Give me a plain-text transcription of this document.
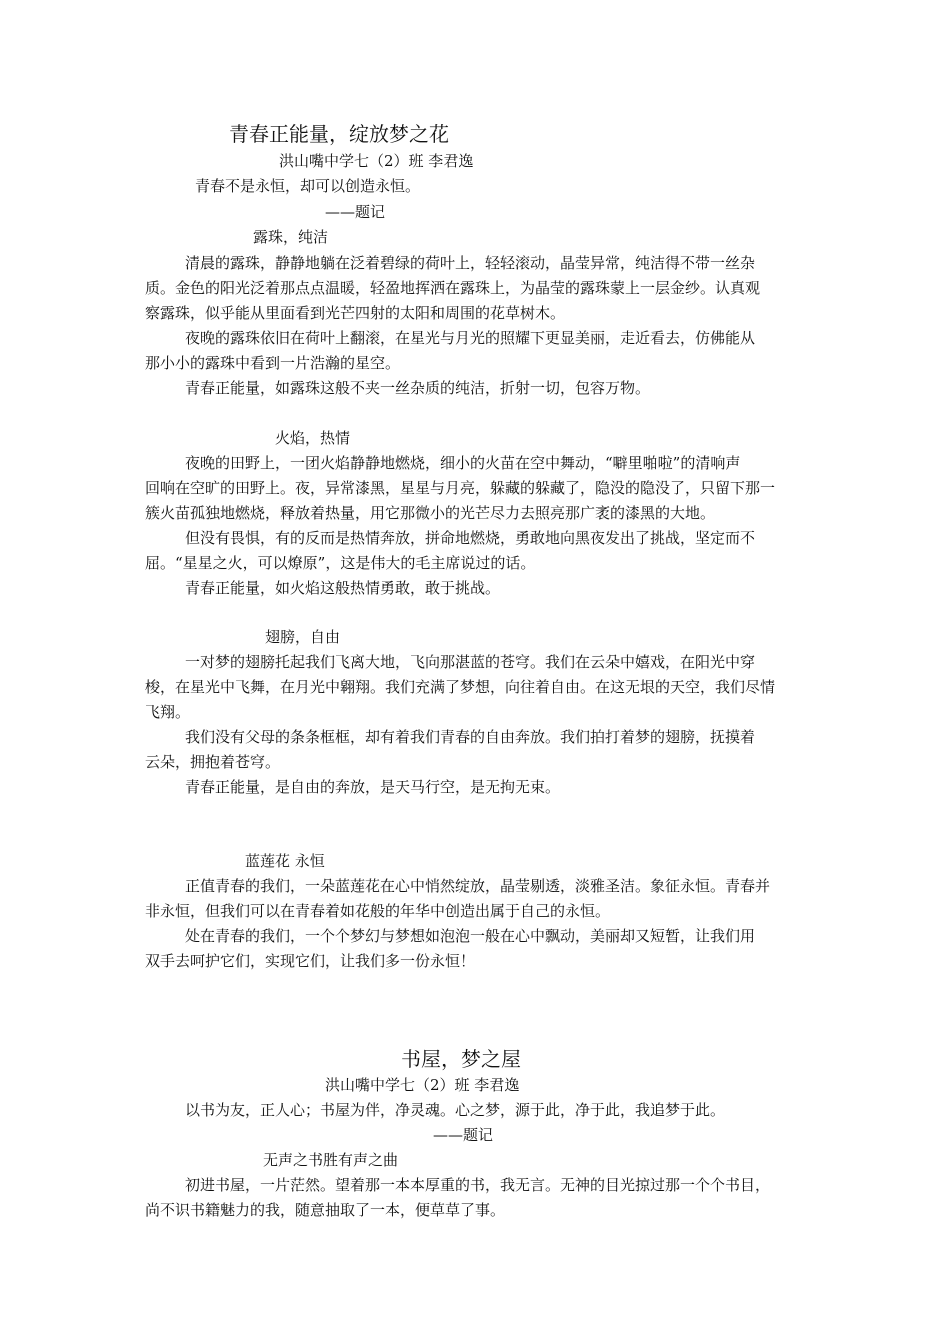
青春正能量，绽放梦之花
洪山嘴中学七（2）班 李君逸
青春不是永恒，却可以创造永恒。
——题记
露珠，纯洁
清晨的露珠，静静地躺在泛着碧绿的荷叶上，轻轻滚动，晶莹异常，纯洁得不带一丝杂
质。金色的阳光泛着那点点温暖，轻盈地挥洒在露珠上，为晶莹的露珠蒙上一层金纱。认真观
察露珠，似乎能从里面看到光芒四射的太阳和周围的花草树木。
夜晚的露珠依旧在荷叶上翻滚，在星光与月光的照耀下更显美丽，走近看去，仿佛能从
那小小的露珠中看到一片浩瀚的星空。
青春正能量，如露珠这般不夹一丝杂质的纯洁，折射一切，包容万物。
火焰，热情
夜晚的田野上，一团火焰静静地燃烧，细小的火苗在空中舞动，“噼里啪啦”的清响声
回响在空旷的田野上。夜，异常漆黑，星星与月亮，躲藏的躲藏了，隐没的隐没了，只留下那一
簇火苗孤独地燃烧，释放着热量，用它那微小的光芒尽力去照亮那广袤的漆黑的大地。
但没有畏惧，有的反而是热情奔放，拼命地燃烧，勇敢地向黑夜发出了挑战，坚定而不
屈。“星星之火，可以燎原”，这是伟大的毛主席说过的话。
青春正能量，如火焰这般热情勇敢，敢于挑战。
翅膀，自由
一对梦的翅膀托起我们飞离大地，飞向那湛蓝的苍穹。我们在云朵中嬉戏，在阳光中穿
梭，在星光中飞舞，在月光中翱翔。我们充满了梦想，向往着自由。在这无垠的天空，我们尽情
飞翔。
我们没有父母的条条框框，却有着我们青春的自由奔放。我们拍打着梦的翅膀，抚摸着
云朵，拥抱着苍穹。
青春正能量，是自由的奔放，是天马行空，是无拘无束。
蓝莲花 永恒
正值青春的我们，一朵蓝莲花在心中悄然绽放，晶莹剔透，淡雅圣洁。象征永恒。青春并
非永恒，但我们可以在青春着如花般的年华中创造出属于自己的永恒。
处在青春的我们，一个个梦幻与梦想如泡泡一般在心中飘动，美丽却又短暂，让我们用
双手去呵护它们，实现它们，让我们多一份永恒！
书屋，梦之屋
洪山嘴中学七（2）班 李君逸
以书为友，正人心；书屋为伴，净灵魂。心之梦，源于此，净于此，我追梦于此。
——题记
无声之书胜有声之曲
初进书屋，一片茫然。望着那一本本厚重的书，我无言。无神的目光掠过那一个个书目，
尚不识书籍魅力的我，随意抽取了一本，便草草了事。
